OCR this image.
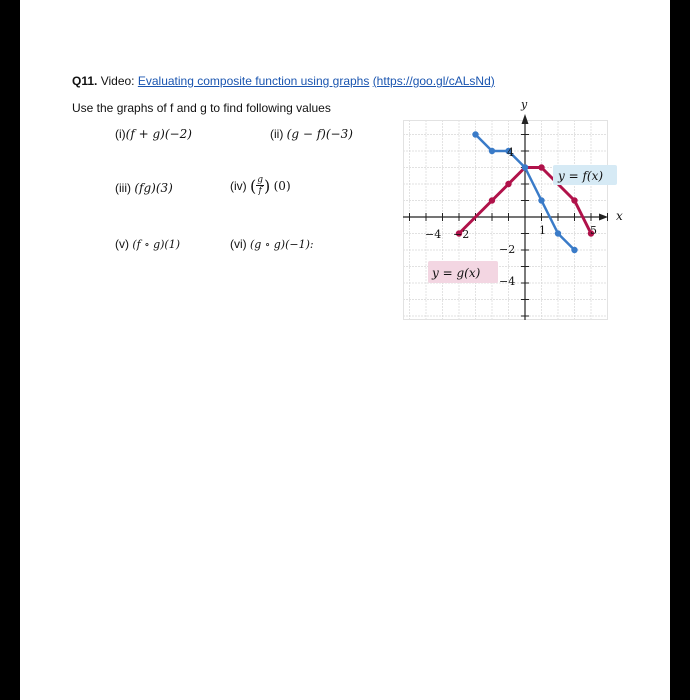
Q11. Video: Evaluating composite function using graphs (https://goo.gl/cALsNd)
Use the graphs of f and g to find following values
(i)(f + g)(−2)	(ii) (g − f)(−3)
(iii) (fg)(3)	(iv) ( $\frac{g}{f}$ ) (0)
(v) (f ∘ g)(1)	(vi) (g ∘ g)(−1):
x
y
−4 −2	1	5
4
−2
−4
y = f(x)
y = g(x)
